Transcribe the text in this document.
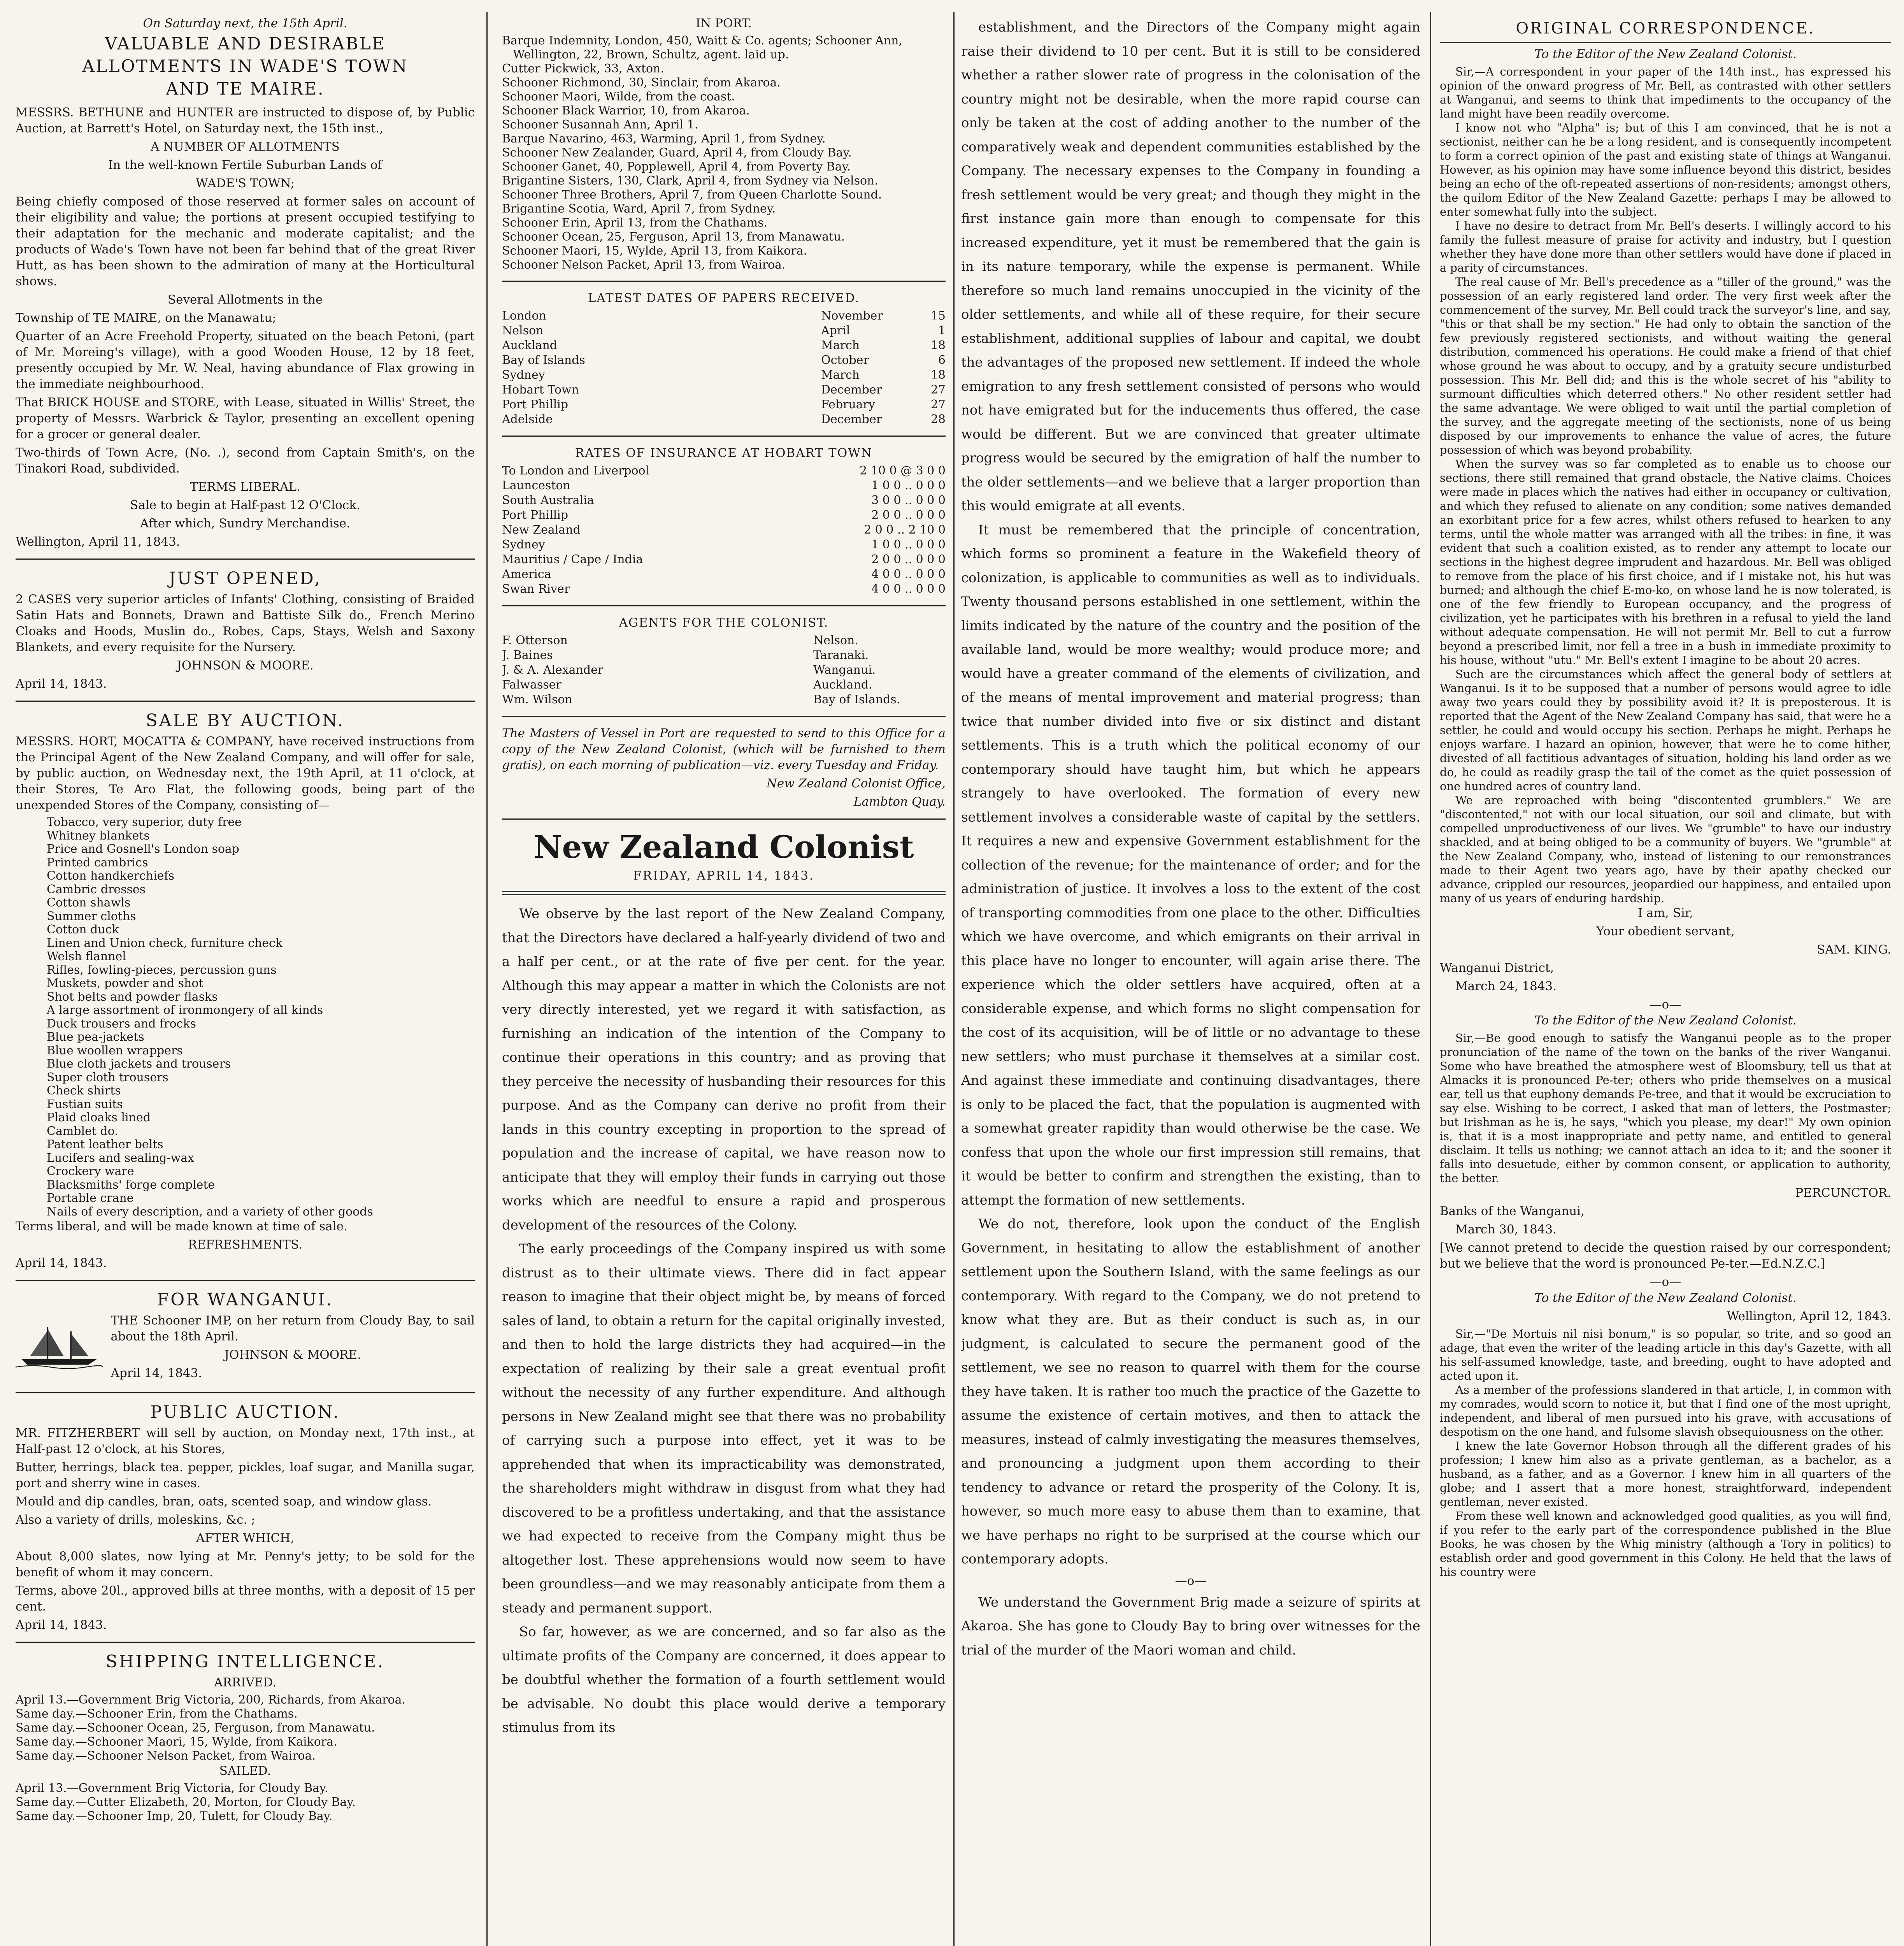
On Saturday next, the 15th April.

VALUABLE AND DESIRABLE

ALLOTMENTS IN WADE'S TOWN

AND TE MAIRE.

MESSRS. BETHUNE and HUNTER are instructed to dispose of, by Public Auction, at Barrett's Hotel, on Saturday next, the 15th inst.,

A NUMBER OF ALLOTMENTS

In the well-known Fertile Suburban Lands of

WADE'S TOWN;

Being chiefly composed of those reserved at former sales on account of their eligibility and value; the portions at present occupied testifying to their adaptation for the mechanic and moderate capitalist; and the products of Wade's Town have not been far behind that of the great River Hutt, as has been shown to the admiration of many at the Horticultural shows.

Several Allotments in the

Township of TE MAIRE, on the Manawatu;

Quarter of an Acre Freehold Property, situated on the beach Petoni, (part of Mr. Moreing's village), with a good Wooden House, 12 by 18 feet, presently occupied by Mr. W. Neal, having abundance of Flax growing in the immediate neighbourhood.

That BRICK HOUSE and STORE, with Lease, situated in Willis' Street, the property of Messrs. Warbrick & Taylor, presenting an excellent opening for a grocer or general dealer.

Two-thirds of Town Acre, (No. .), second from Captain Smith's, on the Tinakori Road, subdivided.

TERMS LIBERAL.

Sale to begin at Half-past 12 O'Clock.

After which, Sundry Merchandise.

Wellington, April 11, 1843.

JUST OPENED,

2 CASES very superior articles of Infants' Clothing, consisting of Braided Satin Hats and Bonnets, Drawn and Battiste Silk do., French Merino Cloaks and Hoods, Muslin do., Robes, Caps, Stays, Welsh and Saxony Blankets, and every requisite for the Nursery.

JOHNSON & MOORE.

April 14, 1843.

SALE BY AUCTION.

MESSRS. HORT, MOCATTA & COMPANY, have received instructions from the Principal Agent of the New Zealand Company, and will offer for sale, by public auction, on Wednesday next, the 19th April, at 11 o'clock, at their Stores, Te Aro Flat, the following goods, being part of the unexpended Stores of the Company, consisting of—

Tobacco, very superior, duty free
Whitney blankets
Price and Gosnell's London soap
Printed cambrics
Cotton handkerchiefs
Cambric dresses
Cotton shawls
Summer cloths
Cotton duck
Linen and Union check, furniture check
Welsh flannel
Rifles, fowling-pieces, percussion guns
Muskets, powder and shot
Shot belts and powder flasks
A large assortment of ironmongery of all kinds
Duck trousers and frocks
Blue pea-jackets
Blue woollen wrappers
Blue cloth jackets and trousers
Super cloth trousers
Check shirts
Fustian suits
Plaid cloaks lined
Camblet do.
Patent leather belts
Lucifers and sealing-wax
Crockery ware
Blacksmiths' forge complete
Portable crane
Nails of every description, and a variety of other goods

Terms liberal, and will be made known at time of sale.

REFRESHMENTS.

April 14, 1843.

FOR WANGANUI.

THE Schooner IMP, on her return from Cloudy Bay, to sail about the 18th April.

JOHNSON & MOORE.

April 14, 1843.

PUBLIC AUCTION.

MR. FITZHERBERT will sell by auction, on Monday next, 17th inst., at Half-past 12 o'clock, at his Stores,

Butter, herrings, black tea. pepper, pickles, loaf sugar, and Manilla sugar, port and sherry wine in cases.

Mould and dip candles, bran, oats, scented soap, and window glass.

Also a variety of drills, moleskins, &c. ;

AFTER WHICH,

About 8,000 slates, now lying at Mr. Penny's jetty; to be sold for the benefit of whom it may concern.

Terms, above 20l., approved bills at three months, with a deposit of 15 per cent.

April 14, 1843.

SHIPPING INTELLIGENCE.

ARRIVED.

April 13.—Government Brig Victoria, 200, Richards, from Akaroa.
Same day.—Schooner Erin, from the Chathams.
Same day.—Schooner Ocean, 25, Ferguson, from Manawatu.
Same day.—Schooner Maori, 15, Wylde, from Kaikora.
Same day.—Schooner Nelson Packet, from Wairoa.

SAILED.

April 13.—Government Brig Victoria, for Cloudy Bay.
Same day.—Cutter Elizabeth, 20, Morton, for Cloudy Bay.
Same day.—Schooner Imp, 20, Tulett, for Cloudy Bay.

IN PORT.

Barque Indemnity, London, 450, Waitt & Co. agents; Schooner Ann, Wellington, 22, Brown, Schultz, agent. laid up.
Cutter Pickwick, 33, Axton.
Schooner Richmond, 30, Sinclair, from Akaroa.
Schooner Maori, Wilde, from the coast.
Schooner Black Warrior, 10, from Akaroa.
Schooner Susannah Ann, April 1.
Barque Navarino, 463, Warming, April 1, from Sydney.
Schooner New Zealander, Guard, April 4, from Cloudy Bay.
Schooner Ganet, 40, Popplewell, April 4, from Poverty Bay.
Brigantine Sisters, 130, Clark, April 4, from Sydney via Nelson.
Schooner Three Brothers, April 7, from Queen Charlotte Sound.
Brigantine Scotia, Ward, April 7, from Sydney.
Schooner Erin, April 13, from the Chathams.
Schooner Ocean, 25, Ferguson, April 13, from Manawatu.
Schooner Maori, 15, Wylde, April 13, from Kaikora.
Schooner Nelson Packet, April 13, from Wairoa.

LATEST DATES OF PAPERS RECEIVED.

London	November	15
Nelson	April	1
Auckland	March	18
Bay of Islands	October	6
Sydney	March	18
Hobart Town	December	27
Port Phillip	February	27
Adelside	December	28

RATES OF INSURANCE AT HOBART TOWN

To London and Liverpool	2 10 0 @ 3 0 0
Launceston	1 0 0 .. 0 0 0
South Australia	3 0 0 .. 0 0 0
Port Phillip	2 0 0 .. 0 0 0
New Zealand	2 0 0 .. 2 10 0
Sydney	1 0 0 .. 0 0 0
Mauritius / Cape / India	2 0 0 .. 0 0 0
America	4 0 0 .. 0 0 0
Swan River	4 0 0 .. 0 0 0

AGENTS FOR THE COLONIST.

F. Otterson	Nelson.
J. Baines	Taranaki.
J. & A. Alexander	Wanganui.
Falwasser	Auckland.
Wm. Wilson	Bay of Islands.

The Masters of Vessel in Port are requested to send to this Office for a copy of the New Zealand Colonist, (which will be furnished to them gratis), on each morning of publication—viz. every Tuesday and Friday.

New Zealand Colonist Office,

Lambton Quay.

New Zealand Colonist

FRIDAY, APRIL 14, 1843.

We observe by the last report of the New Zealand Company, that the Directors have declared a half-yearly dividend of two and a half per cent., or at the rate of five per cent. for the year. Although this may appear a matter in which the Colonists are not very directly interested, yet we regard it with satisfaction, as furnishing an indication of the intention of the Company to continue their operations in this country; and as proving that they perceive the necessity of husbanding their resources for this purpose. And as the Company can derive no profit from their lands in this country excepting in proportion to the spread of population and the increase of capital, we have reason now to anticipate that they will employ their funds in carrying out those works which are needful to ensure a rapid and prosperous development of the resources of the Colony.

The early proceedings of the Company inspired us with some distrust as to their ultimate views. There did in fact appear reason to imagine that their object might be, by means of forced sales of land, to obtain a return for the capital originally invested, and then to hold the large districts they had acquired—in the expectation of realizing by their sale a great eventual profit without the necessity of any further expenditure. And although persons in New Zealand might see that there was no probability of carrying such a purpose into effect, yet it was to be apprehended that when its impracticability was demonstrated, the shareholders might withdraw in disgust from what they had discovered to be a profitless undertaking, and that the assistance we had expected to receive from the Company might thus be altogether lost. These apprehensions would now seem to have been groundless—and we may reasonably anticipate from them a steady and permanent support.

So far, however, as we are concerned, and so far also as the ultimate profits of the Company are concerned, it does appear to be doubtful whether the formation of a fourth settlement would be advisable. No doubt this place would derive a temporary stimulus from its

establishment, and the Directors of the Company might again raise their dividend to 10 per cent. But it is still to be considered whether a rather slower rate of progress in the colonisation of the country might not be desirable, when the more rapid course can only be taken at the cost of adding another to the number of the comparatively weak and dependent communities established by the Company. The necessary expenses to the Company in founding a fresh settlement would be very great; and though they might in the first instance gain more than enough to compensate for this increased expenditure, yet it must be remembered that the gain is in its nature temporary, while the expense is permanent. While therefore so much land remains unoccupied in the vicinity of the older settlements, and while all of these require, for their secure establishment, additional supplies of labour and capital, we doubt the advantages of the proposed new settlement. If indeed the whole emigration to any fresh settlement consisted of persons who would not have emigrated but for the inducements thus offered, the case would be different. But we are convinced that greater ultimate progress would be secured by the emigration of half the number to the older settlements—and we believe that a larger proportion than this would emigrate at all events.

It must be remembered that the principle of concentration, which forms so prominent a feature in the Wakefield theory of colonization, is applicable to communities as well as to individuals. Twenty thousand persons established in one settlement, within the limits indicated by the nature of the country and the position of the available land, would be more wealthy; would produce more; and would have a greater command of the elements of civilization, and of the means of mental improvement and material progress; than twice that number divided into five or six distinct and distant settlements. This is a truth which the political economy of our contemporary should have taught him, but which he appears strangely to have overlooked. The formation of every new settlement involves a considerable waste of capital by the settlers. It requires a new and expensive Government establishment for the collection of the revenue; for the maintenance of order; and for the administration of justice. It involves a loss to the extent of the cost of transporting commodities from one place to the other. Difficulties which we have overcome, and which emigrants on their arrival in this place have no longer to encounter, will again arise there. The experience which the older settlers have acquired, often at a considerable expense, and which forms no slight compensation for the cost of its acquisition, will be of little or no advantage to these new settlers; who must purchase it themselves at a similar cost. And against these immediate and continuing disadvantages, there is only to be placed the fact, that the population is augmented with a somewhat greater rapidity than would otherwise be the case. We confess that upon the whole our first impression still remains, that it would be better to confirm and strengthen the existing, than to attempt the formation of new settlements.

We do not, therefore, look upon the conduct of the English Government, in hesitating to allow the establishment of another settlement upon the Southern Island, with the same feelings as our contemporary. With regard to the Company, we do not pretend to know what they are. But as their conduct is such as, in our judgment, is calculated to secure the permanent good of the settlement, we see no reason to quarrel with them for the course they have taken. It is rather too much the practice of the Gazette to assume the existence of certain motives, and then to attack the measures, instead of calmly investigating the measures themselves, and pronouncing a judgment upon them according to their tendency to advance or retard the prosperity of the Colony. It is, however, so much more easy to abuse them than to examine, that we have perhaps no right to be surprised at the course which our contemporary adopts.

—o—

We understand the Government Brig made a seizure of spirits at Akaroa. She has gone to Cloudy Bay to bring over witnesses for the trial of the murder of the Maori woman and child.

ORIGINAL CORRESPONDENCE.

To the Editor of the New Zealand Colonist.

Sir,—A correspondent in your paper of the 14th inst., has expressed his opinion of the onward progress of Mr. Bell, as contrasted with other settlers at Wanganui, and seems to think that impediments to the occupancy of the land might have been readily overcome.

I know not who "Alpha" is; but of this I am convinced, that he is not a sectionist, neither can he be a long resident, and is consequently incompetent to form a correct opinion of the past and existing state of things at Wanganui. However, as his opinion may have some influence beyond this district, besides being an echo of the oft-repeated assertions of non-residents; amongst others, the quilom Editor of the New Zealand Gazette: perhaps I may be allowed to enter somewhat fully into the subject.

I have no desire to detract from Mr. Bell's deserts. I willingly accord to his family the fullest measure of praise for activity and industry, but I question whether they have done more than other settlers would have done if placed in a parity of circumstances.

The real cause of Mr. Bell's precedence as a "tiller of the ground," was the possession of an early registered land order. The very first week after the commencement of the survey, Mr. Bell could track the surveyor's line, and say, "this or that shall be my section." He had only to obtain the sanction of the few previously registered sectionists, and without waiting the general distribution, commenced his operations. He could make a friend of that chief whose ground he was about to occupy, and by a gratuity secure undisturbed possession. This Mr. Bell did; and this is the whole secret of his "ability to surmount difficulties which deterred others." No other resident settler had the same advantage. We were obliged to wait until the partial completion of the survey, and the aggregate meeting of the sectionists, none of us being disposed by our improvements to enhance the value of acres, the future possession of which was beyond probability.

When the survey was so far completed as to enable us to choose our sections, there still remained that grand obstacle, the Native claims. Choices were made in places which the natives had either in occupancy or cultivation, and which they refused to alienate on any condition; some natives demanded an exorbitant price for a few acres, whilst others refused to hearken to any terms, until the whole matter was arranged with all the tribes: in fine, it was evident that such a coalition existed, as to render any attempt to locate our sections in the highest degree imprudent and hazardous. Mr. Bell was obliged to remove from the place of his first choice, and if I mistake not, his hut was burned; and although the chief E-mo-ko, on whose land he is now tolerated, is one of the few friendly to European occupancy, and the progress of civilization, yet he participates with his brethren in a refusal to yield the land without adequate compensation. He will not permit Mr. Bell to cut a furrow beyond a prescribed limit, nor fell a tree in a bush in immediate proximity to his house, without "utu." Mr. Bell's extent I imagine to be about 20 acres.

Such are the circumstances which affect the general body of settlers at Wanganui. Is it to be supposed that a number of persons would agree to idle away two years could they by possibility avoid it? It is preposterous. It is reported that the Agent of the New Zealand Company has said, that were he a settler, he could and would occupy his section. Perhaps he might. Perhaps he enjoys warfare. I hazard an opinion, however, that were he to come hither, divested of all factitious advantages of situation, holding his land order as we do, he could as readily grasp the tail of the comet as the quiet possession of one hundred acres of country land.

We are reproached with being "discontented grumblers." We are "discontented," not with our local situation, our soil and climate, but with compelled unproductiveness of our lives. We "grumble" to have our industry shackled, and at being obliged to be a community of buyers. We "grumble" at the New Zealand Company, who, instead of listening to our remonstrances made to their Agent two years ago, have by their apathy checked our advance, crippled our resources, jeopardied our happiness, and entailed upon many of us years of enduring hardship.

I am, Sir,

Your obedient servant,

SAM. KING.

Wanganui District,

March 24, 1843.

—o—

To the Editor of the New Zealand Colonist.

Sir,—Be good enough to satisfy the Wanganui people as to the proper pronunciation of the name of the town on the banks of the river Wanganui. Some who have breathed the atmosphere west of Bloomsbury, tell us that at Almacks it is pronounced Pe-ter; others who pride themselves on a musical ear, tell us that euphony demands Pe-tree, and that it would be excruciation to say else. Wishing to be correct, I asked that man of letters, the Postmaster; but Irishman as he is, he says, "which you please, my dear!" My own opinion is, that it is a most inappropriate and petty name, and entitled to general disclaim. It tells us nothing; we cannot attach an idea to it; and the sooner it falls into desuetude, either by common consent, or application to authority, the better.

PERCUNCTOR.

Banks of the Wanganui,

March 30, 1843.

[We cannot pretend to decide the question raised by our correspondent; but we believe that the word is pronounced Pe-ter.—Ed.N.Z.C.]

—o—

To the Editor of the New Zealand Colonist.

Wellington, April 12, 1843.

Sir,—"De Mortuis nil nisi bonum," is so popular, so trite, and so good an adage, that even the writer of the leading article in this day's Gazette, with all his self-assumed knowledge, taste, and breeding, ought to have adopted and acted upon it.

As a member of the professions slandered in that article, I, in common with my comrades, would scorn to notice it, but that I find one of the most upright, independent, and liberal of men pursued into his grave, with accusations of despotism on the one hand, and fulsome slavish obsequiousness on the other.

I knew the late Governor Hobson through all the different grades of his profession; I knew him also as a private gentleman, as a bachelor, as a husband, as a father, and as a Governor. I knew him in all quarters of the globe; and I assert that a more honest, straightforward, independent gentleman, never existed.

From these well known and acknowledged good qualities, as you will find, if you refer to the early part of the correspondence published in the Blue Books, he was chosen by the Whig ministry (although a Tory in politics) to establish order and good government in this Colony. He held that the laws of his country were
